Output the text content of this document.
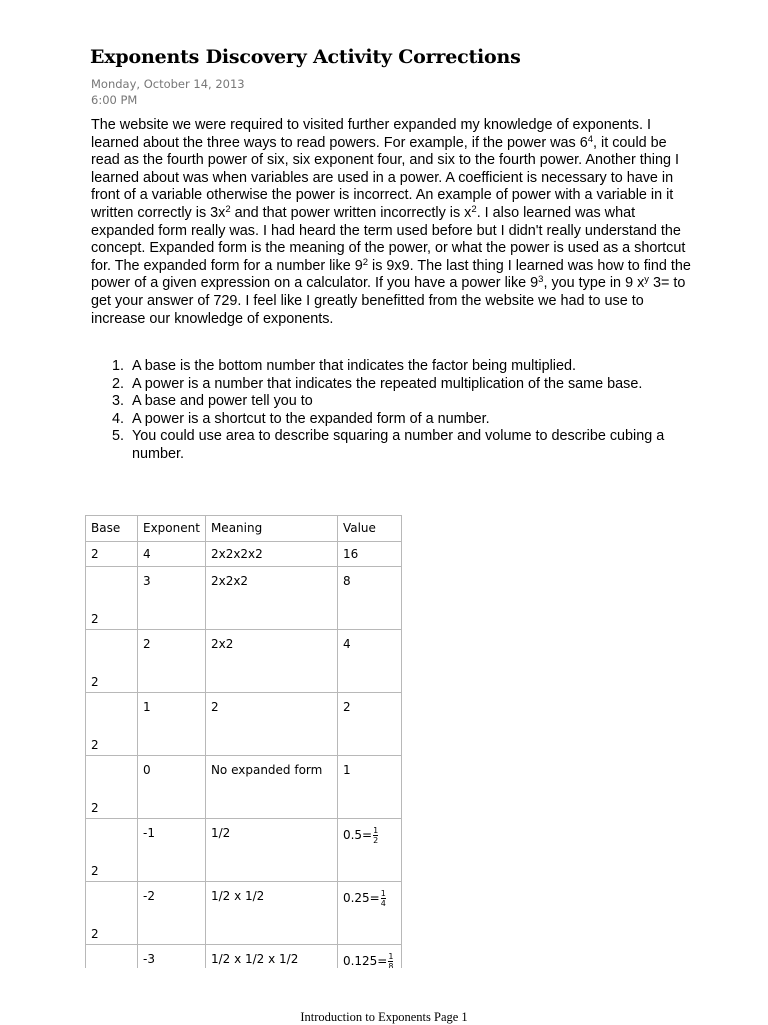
Exponents Discovery Activity Corrections
Monday, October 14, 2013
6:00 PM

The website we were required to visited further expanded my knowledge of exponents. I learned about the three ways to read powers. For example, if the power was $6^4$, it could be read as the fourth power of six, six exponent four, and six to the fourth power. Another thing I learned about was when variables are used in a power. A coefficient is necessary to have in front of a variable otherwise the power is incorrect. An example of power with a variable in it written correctly is $3x^2$ and that power written incorrectly is $x^2$. I also learned was what expanded form really was. I had heard the term used before but I didn't really understand the concept. Expanded form is the meaning of the power, or what the power is used as a shortcut for. The expanded form for a number like $9^2$ is 9x9. The last thing I learned was how to find the power of a given expression on a calculator. If you have a power like $9^3$, you type in 9 $x^y$ 3= to get your answer of 729. I feel like I greatly benefitted from the website we had to use to increase our knowledge of exponents.

1. A base is the bottom number that indicates the factor being multiplied.
2. A power is a number that indicates the repeated multiplication of the same base.
3. A base and power tell you to
4. A power is a shortcut to the expanded form of a number.
5. You could use area to describe squaring a number and volume to describe cubing a number.
Base	Exponent	Meaning	Value
2	4	2x2x2x2	16
2	3	2x2x2	8
2	2	2x2	4
2	1	2	2
2	0	No expanded form	1
2	-1	1/2	$0.5= \frac{1}{2}$

2	-2	1/2 x 1/2	$0.25= \frac{1}{4}$

	-3	1/2 x 1/2 x 1/2	$0.125= \frac{1}{8}$
Introduction to Exponents Page 1
